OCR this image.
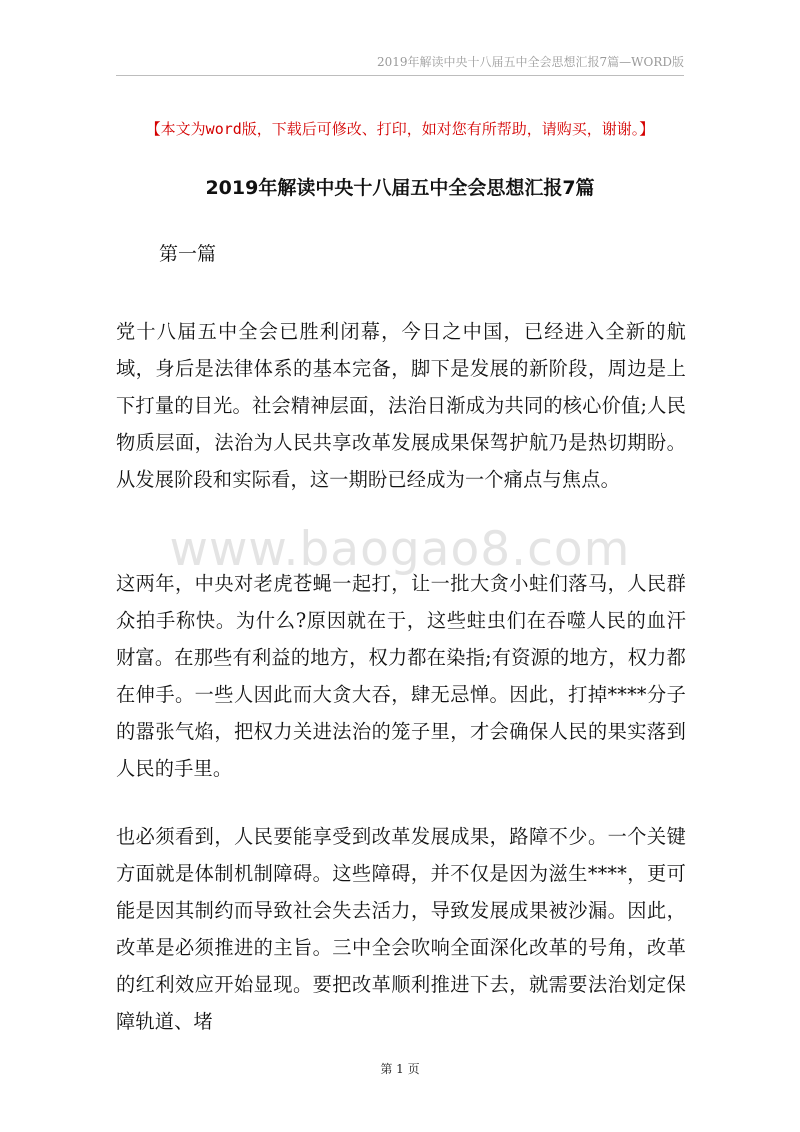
2019年解读中央十八届五中全会思想汇报7篇—WORD版
【本文为word版，下载后可修改、打印，如对您有所帮助，请购买，谢谢。】
2019年解读中央十八届五中全会思想汇报7篇
第一篇

党十八届五中全会已胜利闭幕，今日之中国，已经进入全新的航域，身后是法律体系的基本完备，脚下是发展的新阶段，周边是上下打量的目光。社会精神层面，法治日渐成为共同的核心价值;人民物质层面，法治为人民共享改革发展成果保驾护航乃是热切期盼。从发展阶段和实际看，这一期盼已经成为一个痛点与焦点。

www.baogao8.com

这两年，中央对老虎苍蝇一起打，让一批大贪小蛀们落马，人民群众拍手称快。为什么?原因就在于，这些蛀虫们在吞噬人民的血汗财富。在那些有利益的地方，权力都在染指;有资源的地方，权力都在伸手。一些人因此而大贪大吞，肆无忌惮。因此，打掉****分子的嚣张气焰，把权力关进法治的笼子里，才会确保人民的果实落到人民的手里。

也必须看到，人民要能享受到改革发展成果，路障不少。一个关键方面就是体制机制障碍。这些障碍，并不仅是因为滋生****，更可能是因其制约而导致社会失去活力，导致发展成果被沙漏。因此，改革是必须推进的主旨。三中全会吹响全面深化改革的号角，改革的红利效应开始显现。要把改革顺利推进下去，就需要法治划定保障轨道、堵

第 1 页
